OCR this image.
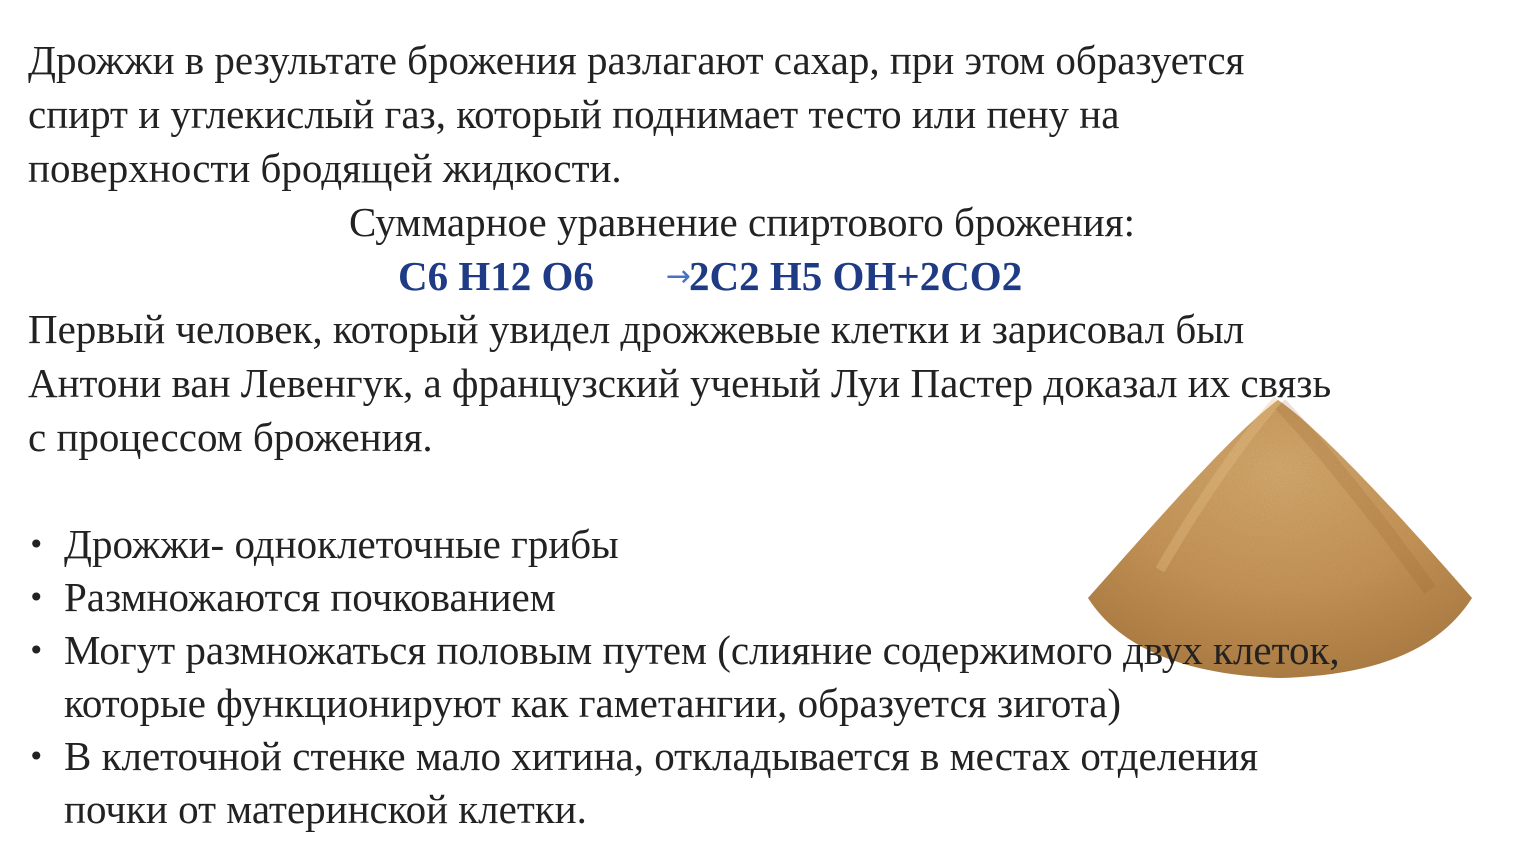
Дрожжи в результате брожения разлагают сахар, при этом образуется
спирт и углекислый газ, который поднимает тесто или пену на
поверхности бродящей жидкости.

Суммарное уравнение спиртового брожения:

C6 H12 O6 →2C2 H5 OH+2CO2

Первый человек, который увидел дрожжевые клетки и зарисовал был
Антони ван Левенгук, а французский ученый Луи Пастер доказал их связь
с процессом брожения.

• Дрожжи- одноклеточные грибы
• Размножаются почкованием
• Могут размножаться половым путем (слияние содержимого двух клеток,
которые функционируют как гаметангии, образуется зигота)
• В клеточной стенке мало хитина, откладывается в местах отделения
почки от материнской клетки.
